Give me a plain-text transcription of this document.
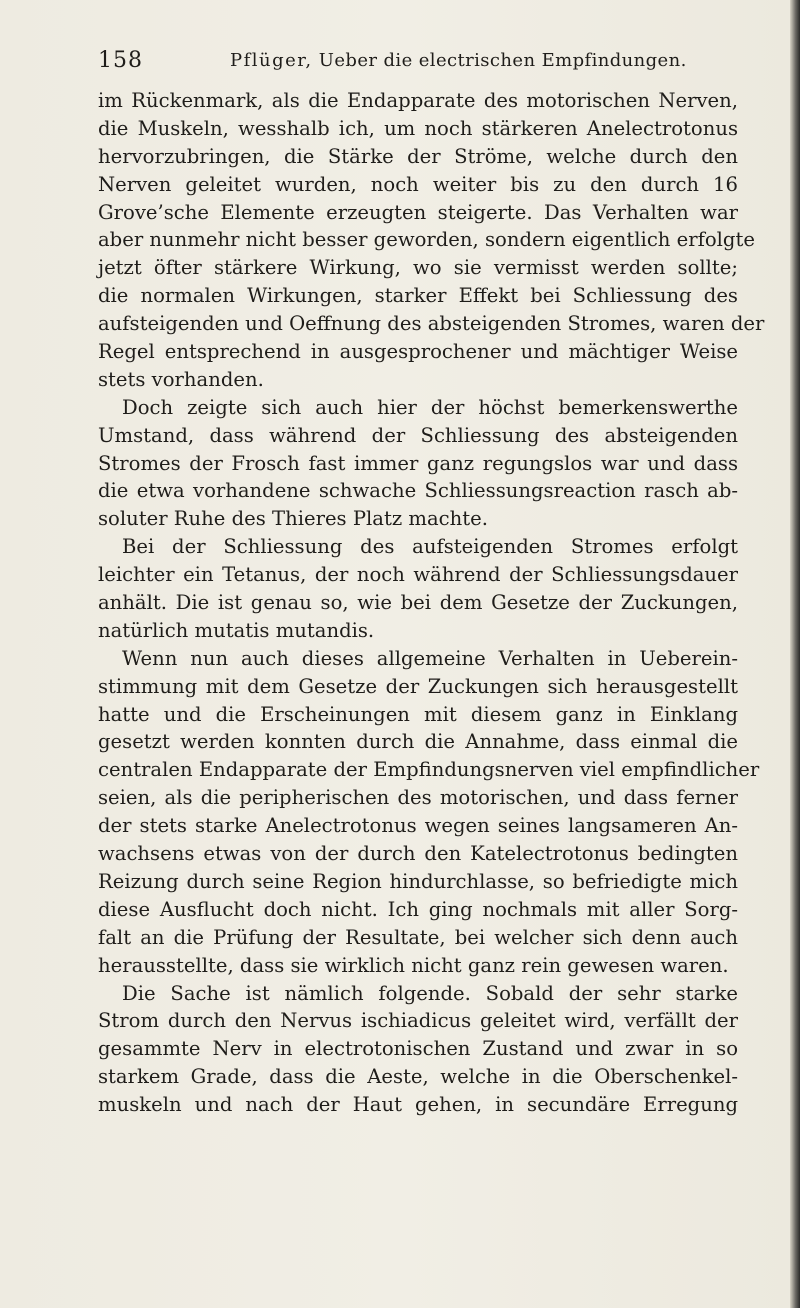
158	Pflüger, Ueber die electrischen Empfindungen.
im Rückenmark, als die Endapparate des motorischen Nerven,
die Muskeln, wesshalb ich, um noch stärkeren Anelectrotonus
hervorzubringen, die Stärke der Ströme, welche durch den
Nerven geleitet wurden, noch weiter bis zu den durch 16
Grove’sche Elemente erzeugten steigerte. Das Verhalten war
aber nunmehr nicht besser geworden, sondern eigentlich erfolgte
jetzt öfter stärkere Wirkung, wo sie vermisst werden sollte;
die normalen Wirkungen, starker Effekt bei Schliessung des
aufsteigenden und Oeffnung des absteigenden Stromes, waren der
Regel entsprechend in ausgesprochener und mächtiger Weise
stets vorhanden.
Doch zeigte sich auch hier der höchst bemerkenswerthe
Umstand, dass während der Schliessung des absteigenden
Stromes der Frosch fast immer ganz regungslos war und dass
die etwa vorhandene schwache Schliessungsreaction rasch ab-
soluter Ruhe des Thieres Platz machte.
Bei der Schliessung des aufsteigenden Stromes erfolgt
leichter ein Tetanus, der noch während der Schliessungsdauer
anhält. Die ist genau so, wie bei dem Gesetze der Zuckungen,
natürlich mutatis mutandis.
Wenn nun auch dieses allgemeine Verhalten in Ueberein-
stimmung mit dem Gesetze der Zuckungen sich herausgestellt
hatte und die Erscheinungen mit diesem ganz in Einklang
gesetzt werden konnten durch die Annahme, dass einmal die
centralen Endapparate der Empfindungsnerven viel empfindlicher
seien, als die peripherischen des motorischen, und dass ferner
der stets starke Anelectrotonus wegen seines langsameren An-
wachsens etwas von der durch den Katelectrotonus bedingten
Reizung durch seine Region hindurchlasse, so befriedigte mich
diese Ausflucht doch nicht. Ich ging nochmals mit aller Sorg-
falt an die Prüfung der Resultate, bei welcher sich denn auch
herausstellte, dass sie wirklich nicht ganz rein gewesen waren.
Die Sache ist nämlich folgende. Sobald der sehr starke
Strom durch den Nervus ischiadicus geleitet wird, verfällt der
gesammte Nerv in electrotonischen Zustand und zwar in so
starkem Grade, dass die Aeste, welche in die Oberschenkel-
muskeln und nach der Haut gehen, in secundäre Erregung
